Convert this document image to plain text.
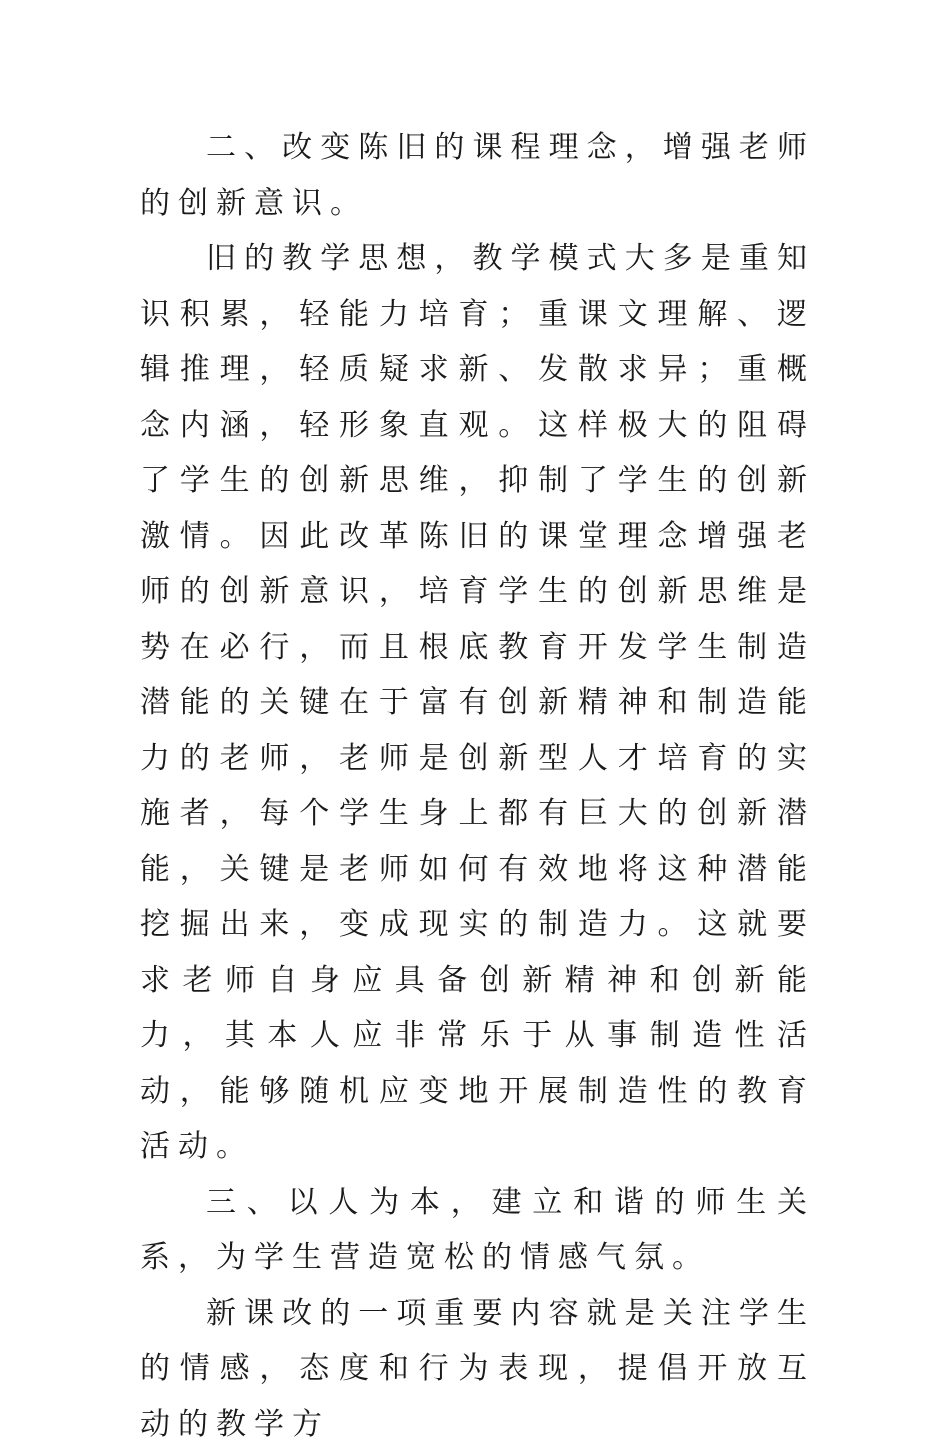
二、改变陈旧的课程理念，增强老师的创新意识。

旧的教学思想，教学模式大多是重知识积累，轻能力培育；重课文理解、逻辑推理，轻质疑求新、发散求异；重概念内涵，轻形象直观。这样极大的阻碍了学生的创新思维，抑制了学生的创新激情。因此改革陈旧的课堂理念增强老师的创新意识，培育学生的创新思维是势在必行，而且根底教育开发学生制造潜能的关键在于富有创新精神和制造能力的老师，老师是创新型人才培育的实施者，每个学生身上都有巨大的创新潜能，关键是老师如何有效地将这种潜能挖掘出来，变成现实的制造力。这就要求老师自身应具备创新精神和创新能力，其本人应非常乐于从事制造性活动，能够随机应变地开展制造性的教育活动。

三、以人为本，建立和谐的师生关系，为学生营造宽松的情感气氛。

新课改的一项重要内容就是关注学生的情感，态度和行为表现，提倡开放互动的教学方
